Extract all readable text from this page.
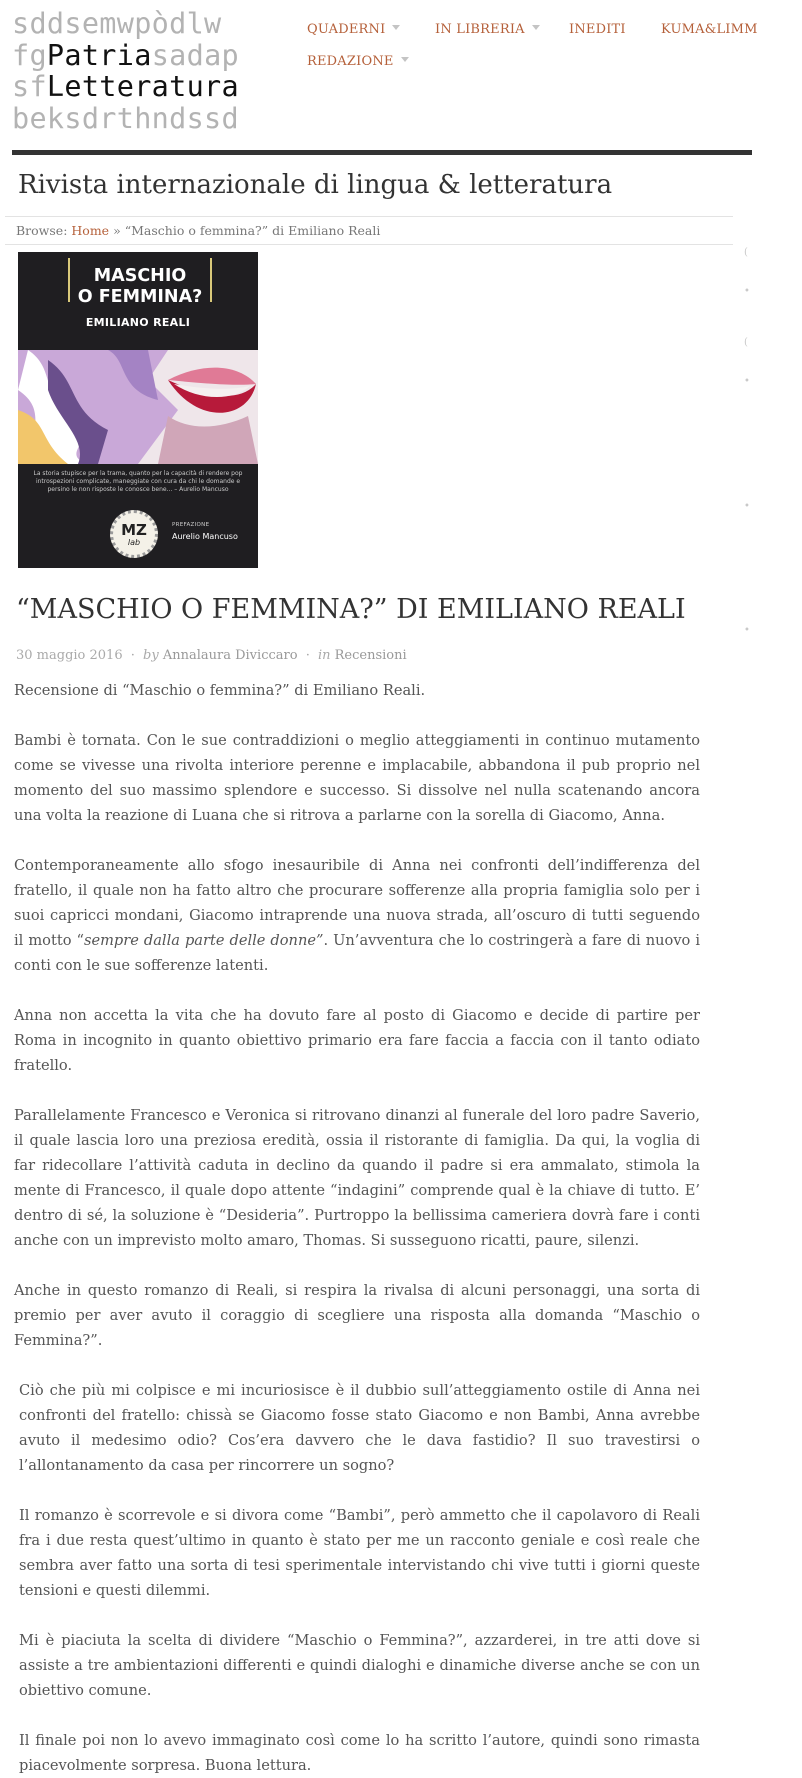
sddsemwpòdlw
fgPatriasadap
sfLetteratura
beksdrthndssd
QUADERNI	IN LIBRERIA	INEDITI	KUMA&LIMM
REDAZIONE
Rivista internazionale di lingua & letteratura
Browse: Home » “Maschio o femmina?” di Emiliano Reali
MASCHIO
O FEMMINA?
EMILIANO REALI
La storia stupisce per la trama, quanto per la capacità di rendere pop introspezioni complicate, maneggiate con cura da chi le domande e persino le non risposte le conosce bene... – Aurelio Mancuso
MZ
lab
PREFAZIONE
Aurelio Mancuso
“MASCHIO O FEMMINA?” DI EMILIANO REALI
30 maggio 2016 · by Annalaura Diviccaro · in Recensioni

Recensione di “Maschio o femmina?” di Emiliano Reali.

Bambi è tornata. Con le sue contraddizioni o meglio atteggiamenti in continuo mutamento come se vivesse una rivolta interiore perenne e implacabile, abbandona il pub proprio nel momento del suo massimo splendore e successo. Si dissolve nel nulla scatenando ancora una volta la reazione di Luana che si ritrova a parlarne con la sorella di Giacomo, Anna.

Contemporaneamente allo sfogo inesauribile di Anna nei confronti dell’indifferenza del fratello, il quale non ha fatto altro che procurare sofferenze alla propria famiglia solo per i suoi capricci mondani, Giacomo intraprende una nuova strada, all’oscuro di tutti seguendo il motto “sempre dalla parte delle donne”. Un’avventura che lo costringerà a fare di nuovo i conti con le sue sofferenze latenti.

Anna non accetta la vita che ha dovuto fare al posto di Giacomo e decide di partire per Roma in incognito in quanto obiettivo primario era fare faccia a faccia con il tanto odiato fratello.

Parallelamente Francesco e Veronica si ritrovano dinanzi al funerale del loro padre Saverio, il quale lascia loro una preziosa eredità, ossia il ristorante di famiglia. Da qui, la voglia di far ridecollare l’attività caduta in declino da quando il padre si era ammalato, stimola la mente di Francesco, il quale dopo attente “indagini” comprende qual è la chiave di tutto. E’ dentro di sé, la soluzione è “Desideria”. Purtroppo la bellissima cameriera dovrà fare i conti anche con un imprevisto molto amaro, Thomas. Si susseguono ricatti, paure, silenzi.

Anche in questo romanzo di Reali, si respira la rivalsa di alcuni personaggi, una sorta di premio per aver avuto il coraggio di scegliere una risposta alla domanda “Maschio o Femmina?”.

Ciò che più mi colpisce e mi incuriosisce è il dubbio sull’atteggiamento ostile di Anna nei confronti del fratello: chissà se Giacomo fosse stato Giacomo e non Bambi, Anna avrebbe avuto il medesimo odio? Cos’era davvero che le dava fastidio? Il suo travestirsi o l’allontanamento da casa per rincorrere un sogno?

Il romanzo è scorrevole e si divora come “Bambi”, però ammetto che il capolavoro di Reali fra i due resta quest’ultimo in quanto è stato per me un racconto geniale e così reale che sembra aver fatto una sorta di tesi sperimentale intervistando chi vive tutti i giorni queste tensioni e questi dilemmi.

Mi è piaciuta la scelta di dividere “Maschio o Femmina?”, azzarderei, in tre atti dove si assiste a tre ambientazioni differenti e quindi dialoghi e dinamiche diverse anche se con un obiettivo comune.

Il finale poi non lo avevo immaginato così come lo ha scritto l’autore, quindi sono rimasta piacevolmente sorpresa. Buona lettura.

(
•
(
•
•
•
